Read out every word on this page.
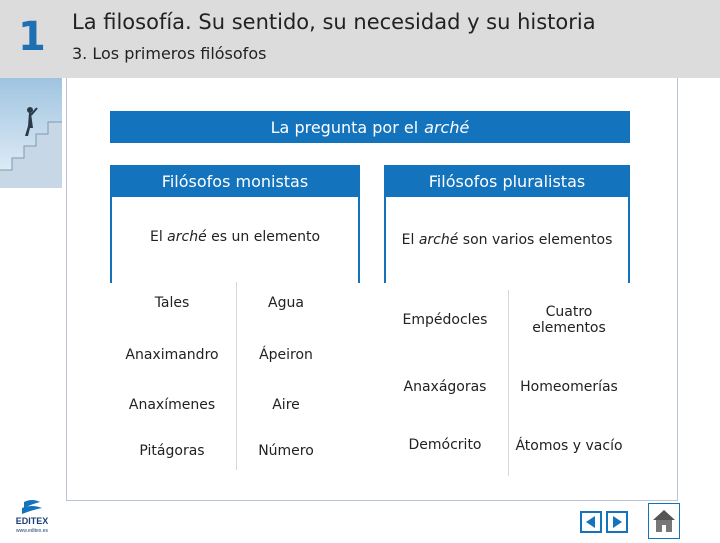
1 La filosofía. Su sentido, su necesidad y su historia
3. Los primeros filósofos
EDITEX
www.editex.es
La pregunta por el arché
Filósofos monistas
El arché es un elemento
Tales	Agua
Anaximandro	Ápeiron
Anaxímenes	Aire
Pitágoras	Número
Filósofos pluralistas
El arché son varios elementos
Empédocles	Cuatro elementos
Anaxágoras	Homeomerías
Demócrito	Átomos y vacío
